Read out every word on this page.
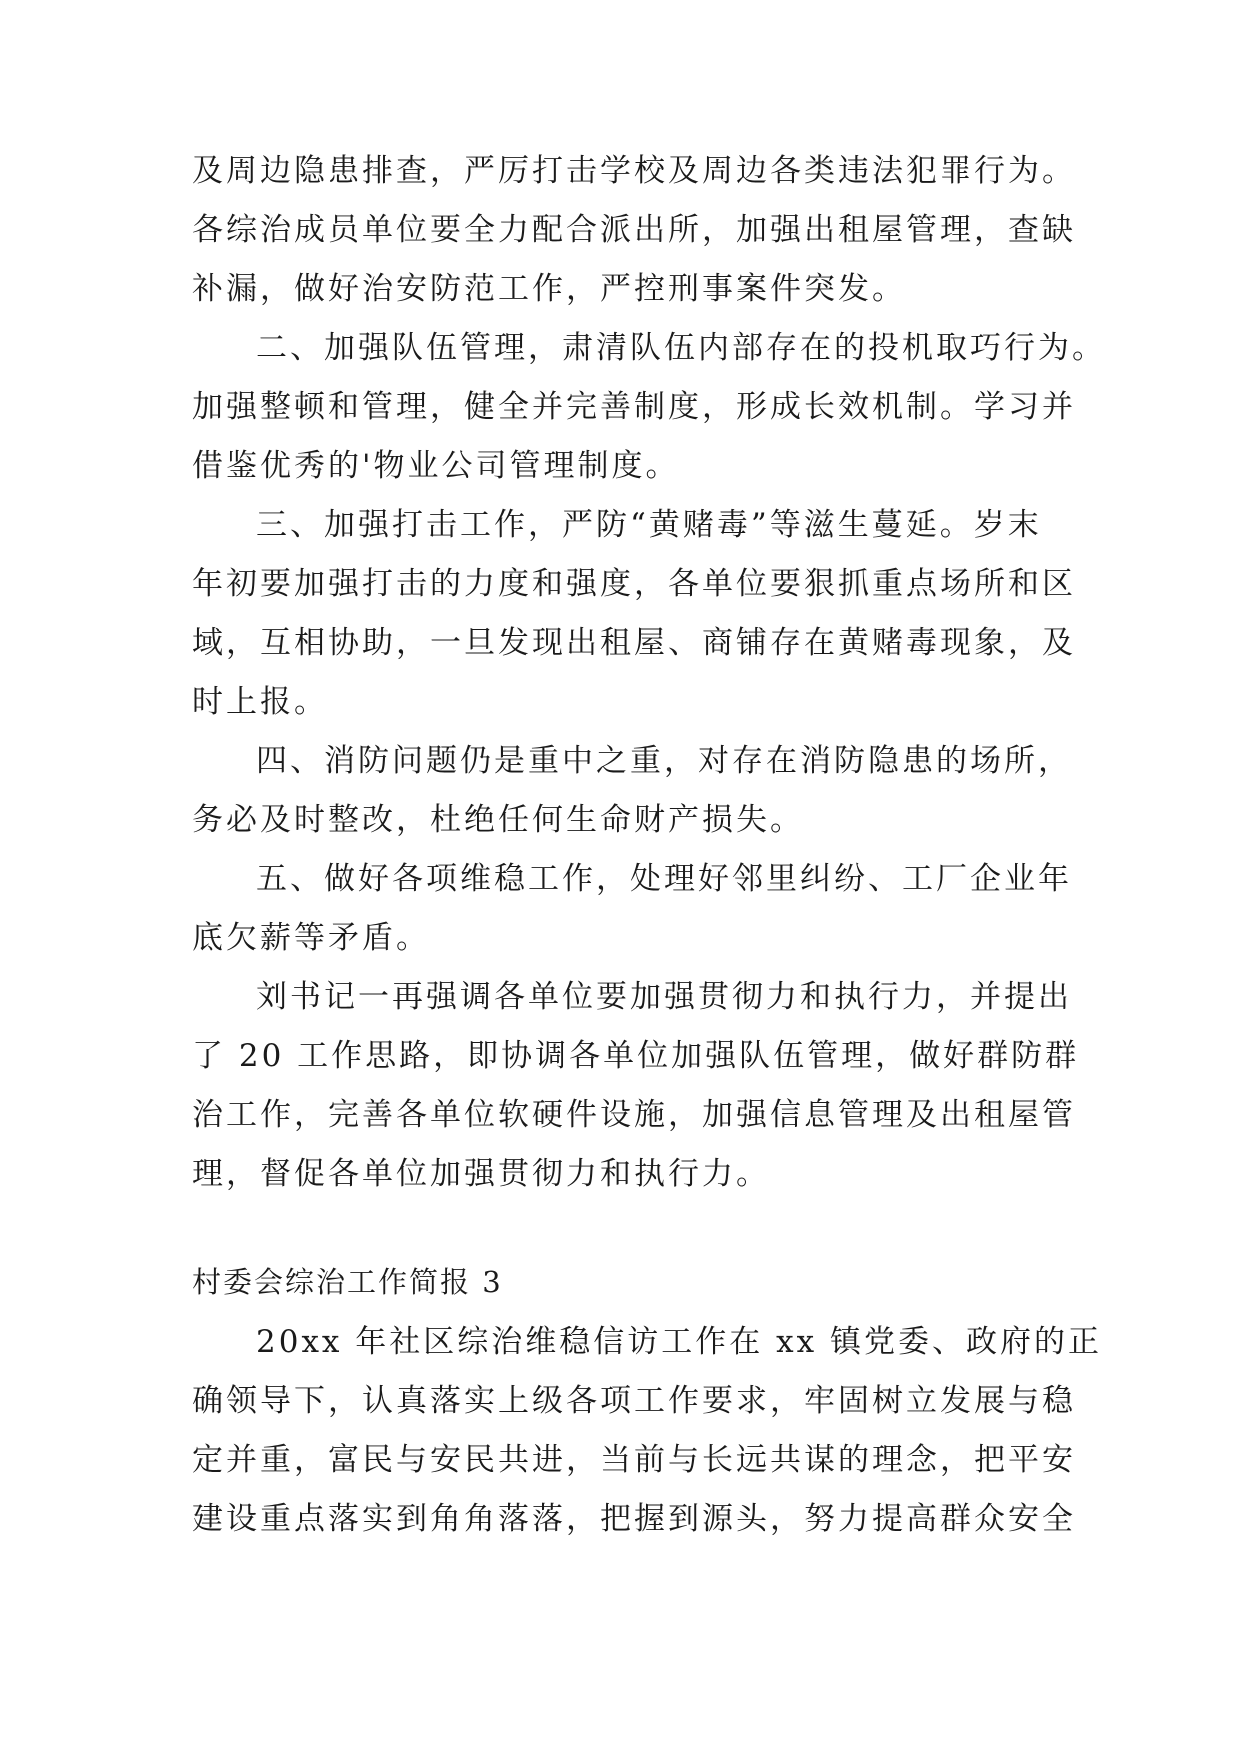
及周边隐患排查，严厉打击学校及周边各类违法犯罪行为。
各综治成员单位要全力配合派出所，加强出租屋管理，查缺
补漏，做好治安防范工作，严控刑事案件突发。
二、加强队伍管理，肃清队伍内部存在的投机取巧行为。
加强整顿和管理，健全并完善制度，形成长效机制。学习并
借鉴优秀的'物业公司管理制度。
三、加强打击工作，严防“黄赌毒”等滋生蔓延。岁末
年初要加强打击的力度和强度，各单位要狠抓重点场所和区
域，互相协助，一旦发现出租屋、商铺存在黄赌毒现象，及
时上报。
四、消防问题仍是重中之重，对存在消防隐患的场所，
务必及时整改，杜绝任何生命财产损失。
五、做好各项维稳工作，处理好邻里纠纷、工厂企业年
底欠薪等矛盾。
刘书记一再强调各单位要加强贯彻力和执行力，并提出
了 20 工作思路，即协调各单位加强队伍管理，做好群防群
治工作，完善各单位软硬件设施，加强信息管理及出租屋管
理，督促各单位加强贯彻力和执行力。
村委会综治工作简报 3
20xx 年社区综治维稳信访工作在 xx 镇党委、政府的正
确领导下，认真落实上级各项工作要求，牢固树立发展与稳
定并重，富民与安民共进，当前与长远共谋的理念，把平安
建设重点落实到角角落落，把握到源头，努力提高群众安全
